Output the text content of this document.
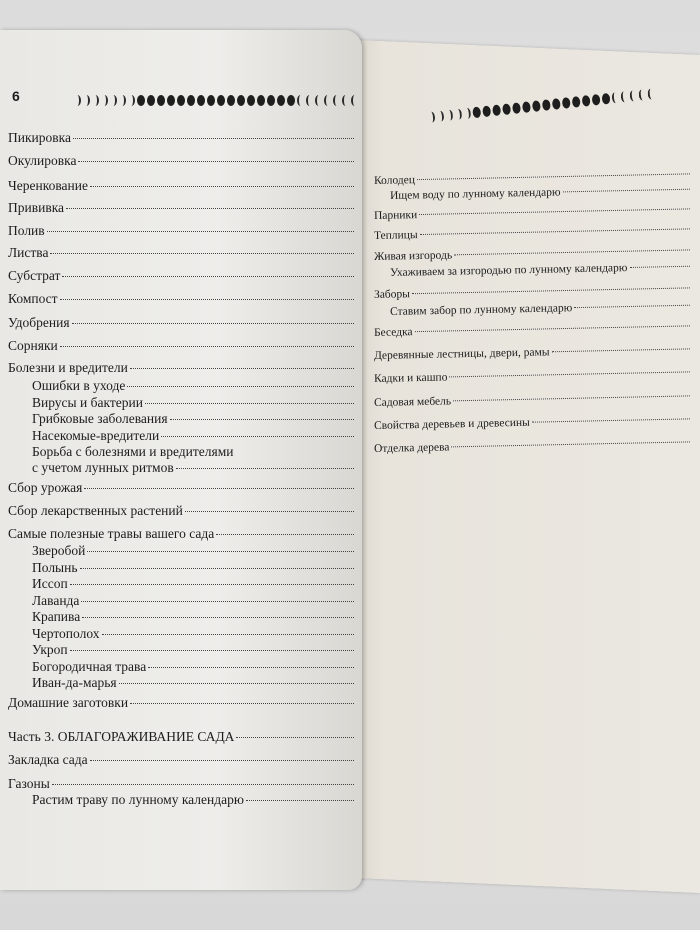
6
Пикировка
Окулировка
Черенкование
Прививка
Полив
Листва
Субстрат
Компост
Удобрения
Сорняки
Болезни и вредители
Ошибки в уходе
Вирусы и бактерии
Грибковые заболевания
Насекомые-вредители
Борьба с болезнями и вредителями
с учетом лунных ритмов
Сбор урожая
Сбор лекарственных растений
Самые полезные травы вашего сада
Зверобой
Полынь
Иссоп
Лаванда
Крапива
Чертополох
Укроп
Богородичная трава
Иван-да-марья
Домашние заготовки
Часть 3. ОБЛАГОРАЖИВАНИЕ САДА
Закладка сада
Газоны
Растим траву по лунному календарю
Колодец
Ищем воду по лунному календарю
Парники
Теплицы
Живая изгородь
Ухаживаем за изгородью по лунному календарю
Заборы
Ставим забор по лунному календарю
Беседка
Деревянные лестницы, двери, рамы
Кадки и кашпо
Садовая мебель
Свойства деревьев и древесины
Отделка дерева
